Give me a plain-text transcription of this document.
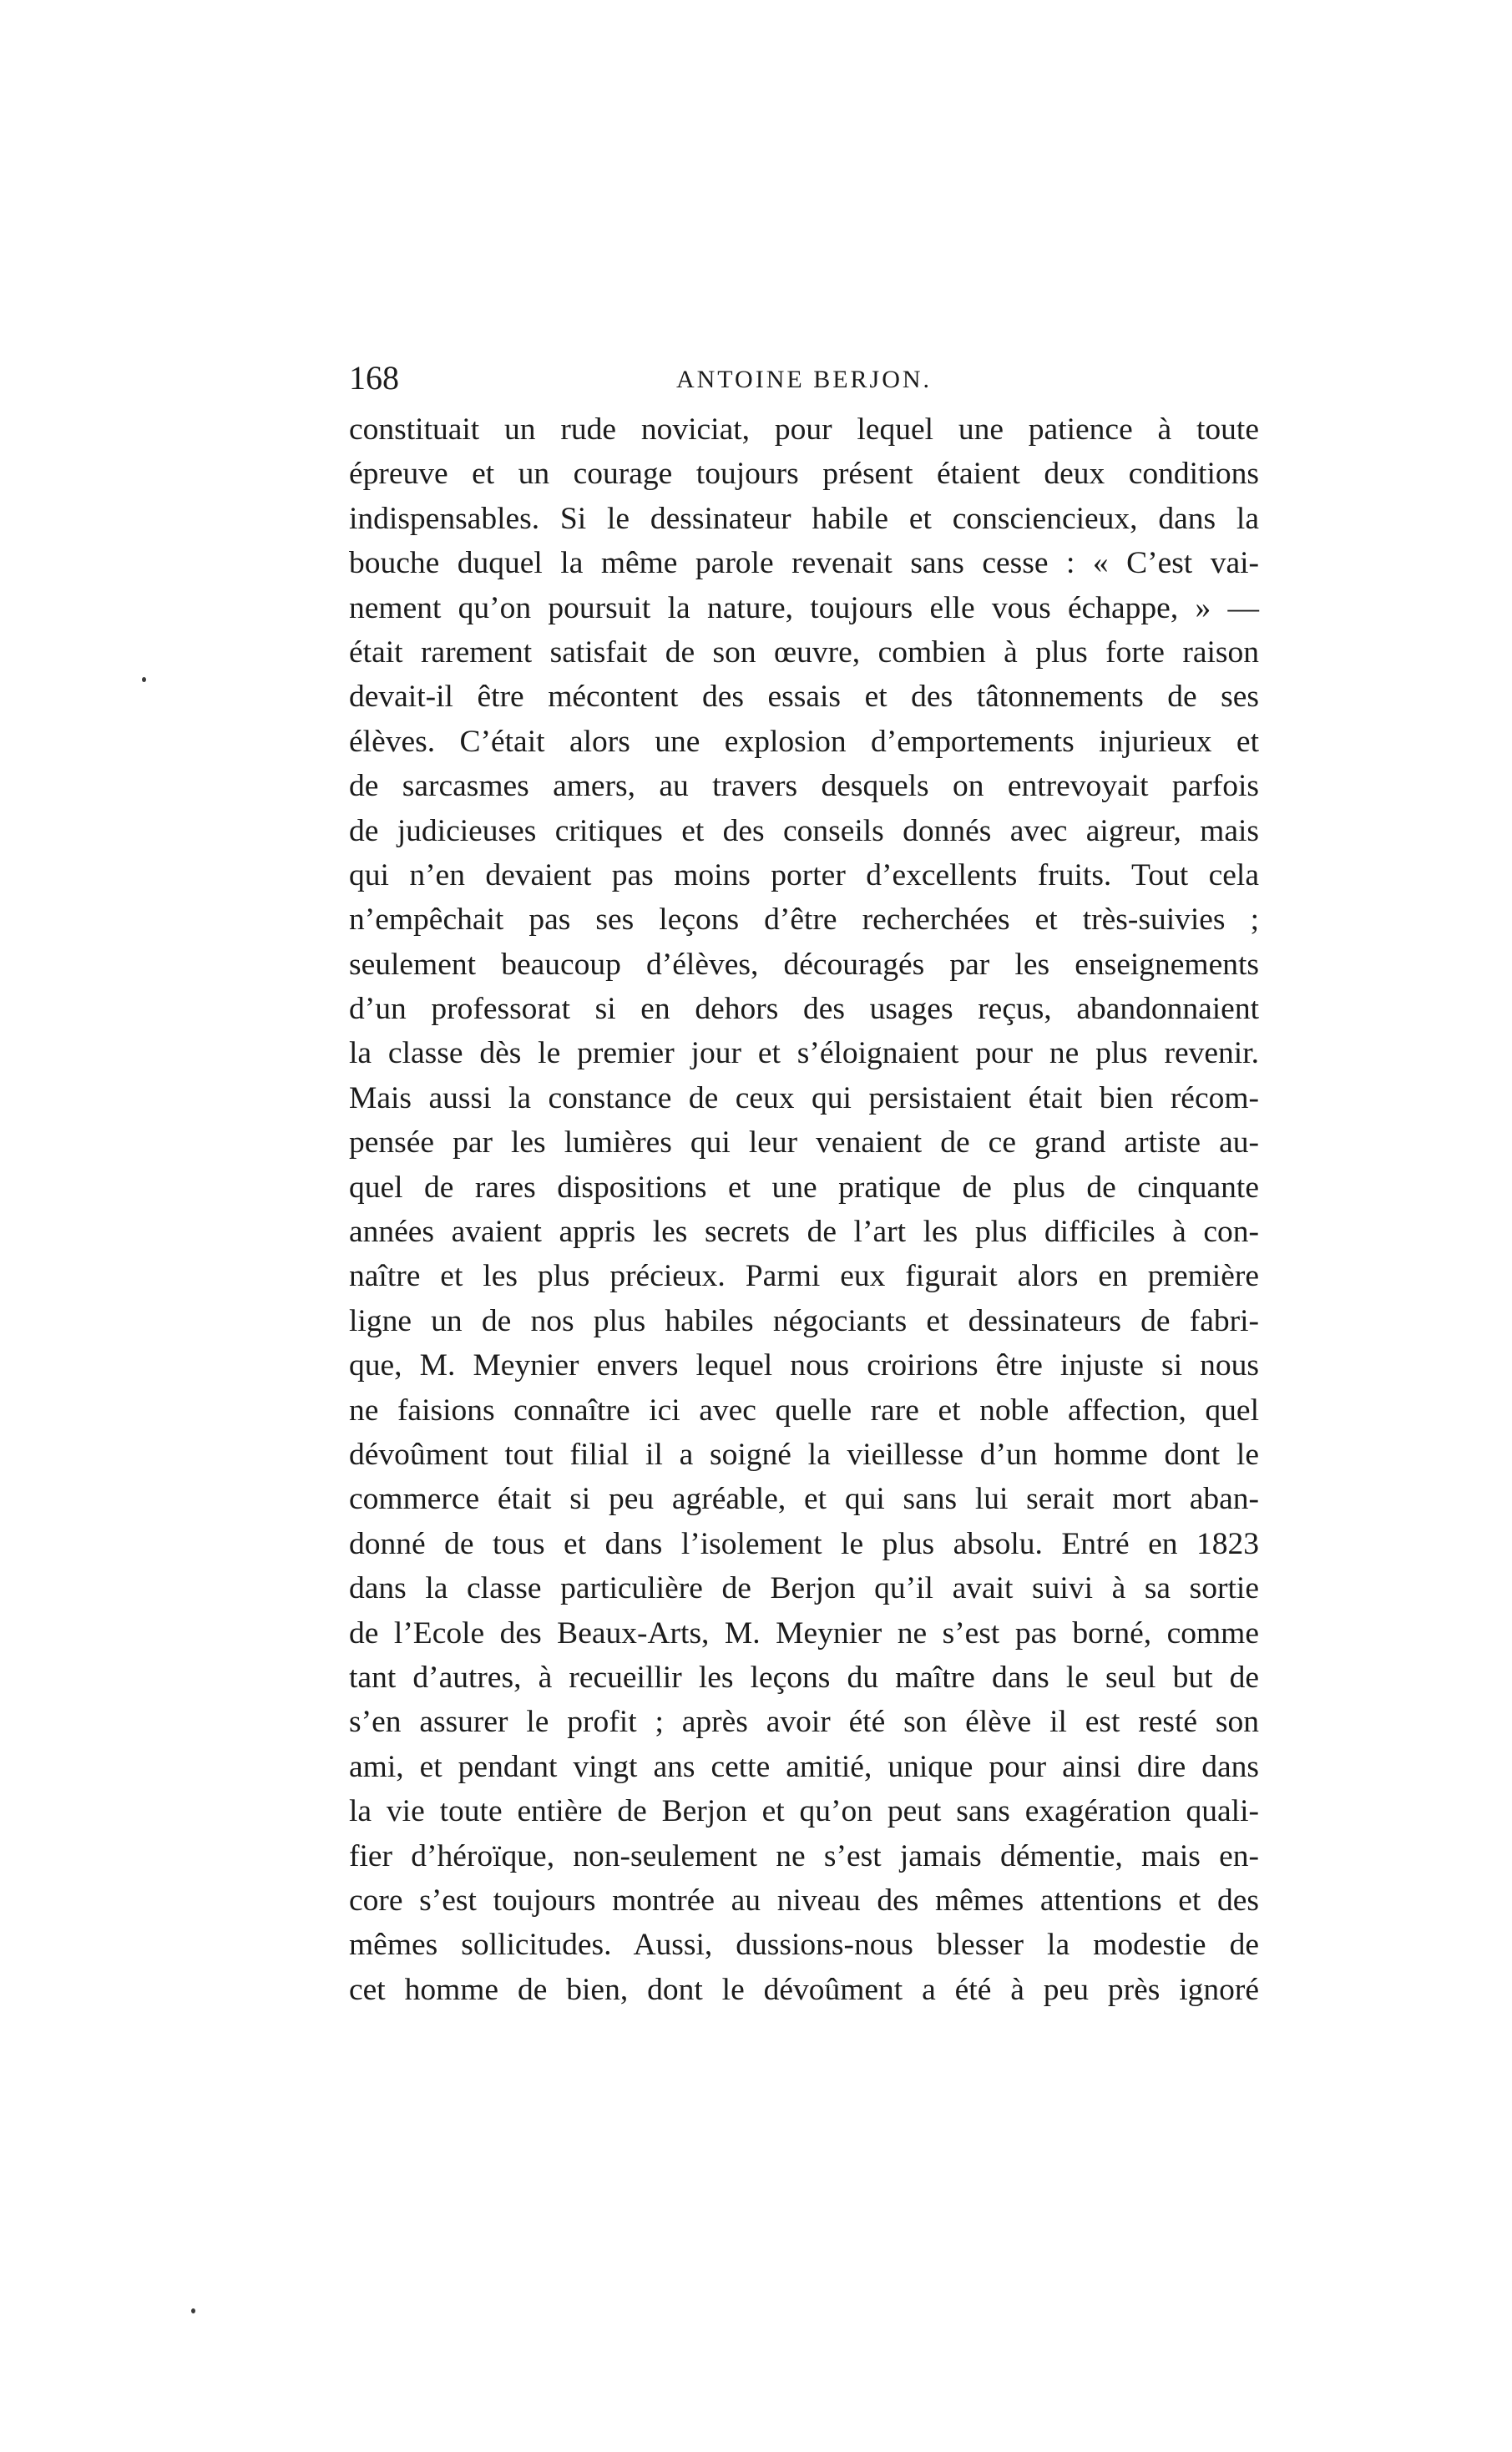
168	ANTOINE BERJON.
constituait un rude noviciat, pour lequel une patience à toute
épreuve et un courage toujours présent étaient deux conditions
indispensables. Si le dessinateur habile et consciencieux, dans la
bouche duquel la même parole revenait sans cesse : « C’est vai-
nement qu’on poursuit la nature, toujours elle vous échappe, » —
était rarement satisfait de son œuvre, combien à plus forte raison
devait-il être mécontent des essais et des tâtonnements de ses
élèves. C’était alors une explosion d’emportements injurieux et
de sarcasmes amers, au travers desquels on entrevoyait parfois
de judicieuses critiques et des conseils donnés avec aigreur, mais
qui n’en devaient pas moins porter d’excellents fruits. Tout cela
n’empêchait pas ses leçons d’être recherchées et très-suivies ;
seulement beaucoup d’élèves, découragés par les enseignements
d’un professorat si en dehors des usages reçus, abandonnaient
la classe dès le premier jour et s’éloignaient pour ne plus revenir.
Mais aussi la constance de ceux qui persistaient était bien récom-
pensée par les lumières qui leur venaient de ce grand artiste au-
quel de rares dispositions et une pratique de plus de cinquante
années avaient appris les secrets de l’art les plus difficiles à con-
naître et les plus précieux. Parmi eux figurait alors en première
ligne un de nos plus habiles négociants et dessinateurs de fabri-
que, M. Meynier envers lequel nous croirions être injuste si nous
ne faisions connaître ici avec quelle rare et noble affection, quel
dévoûment tout filial il a soigné la vieillesse d’un homme dont le
commerce était si peu agréable, et qui sans lui serait mort aban-
donné de tous et dans l’isolement le plus absolu. Entré en 1823
dans la classe particulière de Berjon qu’il avait suivi à sa sortie
de l’Ecole des Beaux-Arts, M. Meynier ne s’est pas borné, comme
tant d’autres, à recueillir les leçons du maître dans le seul but de
s’en assurer le profit ; après avoir été son élève il est resté son
ami, et pendant vingt ans cette amitié, unique pour ainsi dire dans
la vie toute entière de Berjon et qu’on peut sans exagération quali-
fier d’héroïque, non-seulement ne s’est jamais démentie, mais en-
core s’est toujours montrée au niveau des mêmes attentions et des
mêmes sollicitudes. Aussi, dussions-nous blesser la modestie de
cet homme de bien, dont le dévoûment a été à peu près ignoré
